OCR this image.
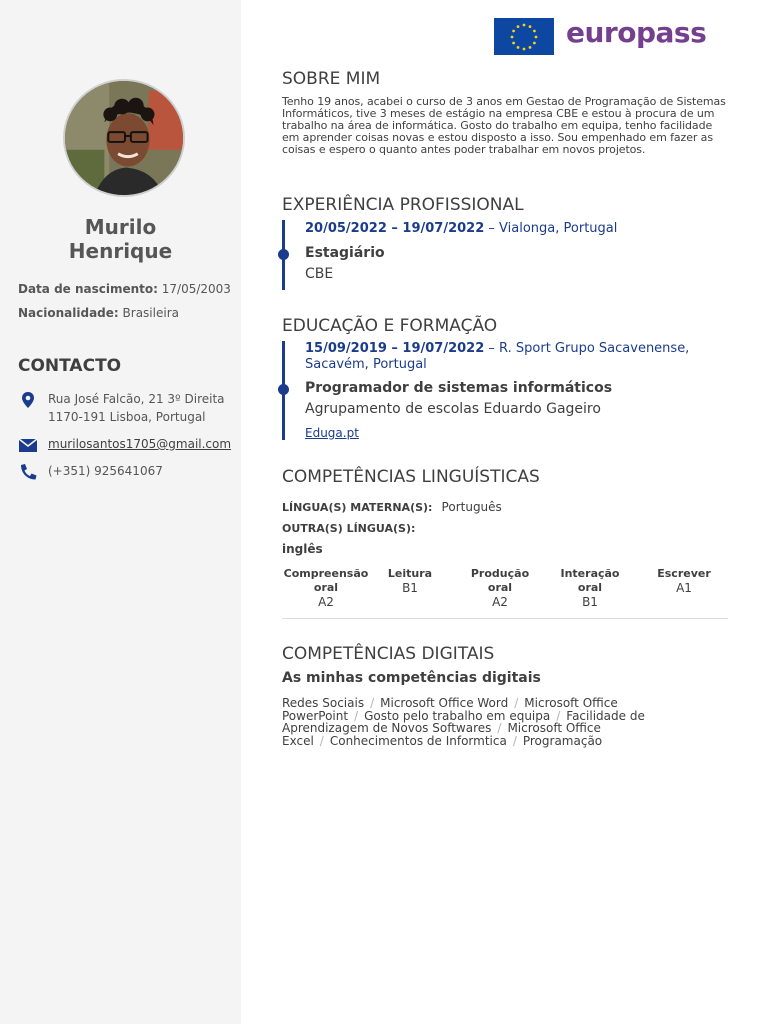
Murilo
Henrique
Data de nascimento: 17/05/2003
Nacionalidade: Brasileira
CONTACTO
Rua José Falcão, 21 3º Direita
1170-191 Lisboa, Portugal
murilosantos1705@gmail.com
(+351) 925641067
europass
SOBRE MIM
Tenho 19 anos, acabei o curso de 3 anos em Gestao de Programação de Sistemas Informáticos, tive 3 meses de estágio na empresa CBE e estou à procura de um trabalho na área de informática. Gosto do trabalho em equipa, tenho facilidade em aprender coisas novas e estou disposto a isso. Sou empenhado em fazer as coisas e espero o quanto antes poder trabalhar em novos projetos.
EXPERIÊNCIA PROFISSIONAL
20/05/2022 – 19/07/2022 – Vialonga, Portugal
Estagiário
CBE
EDUCAÇÃO E FORMAÇÃO
15/09/2019 – 19/07/2022 – R. Sport Grupo Sacavenense, Sacavém, Portugal
Programador de sistemas informáticos
Agrupamento de escolas Eduardo Gageiro
Eduga.pt
COMPETÊNCIAS LINGUÍSTICAS
LÍNGUA(S) MATERNA(S): Português
OUTRA(S) LÍNGUA(S):
inglês
Compreensão
oral
A2
Leitura
B1
Produção
oral
A2
Interação
oral
B1
Escrever
A1
COMPETÊNCIAS DIGITAIS
As minhas competências digitais
Redes Sociais / Microsoft Office Word / Microsoft Office PowerPoint / Gosto pelo trabalho em equipa / Facilidade de Aprendizagem de Novos Softwares / Microsoft Office Excel / Conhecimentos de Informtica / Programação
